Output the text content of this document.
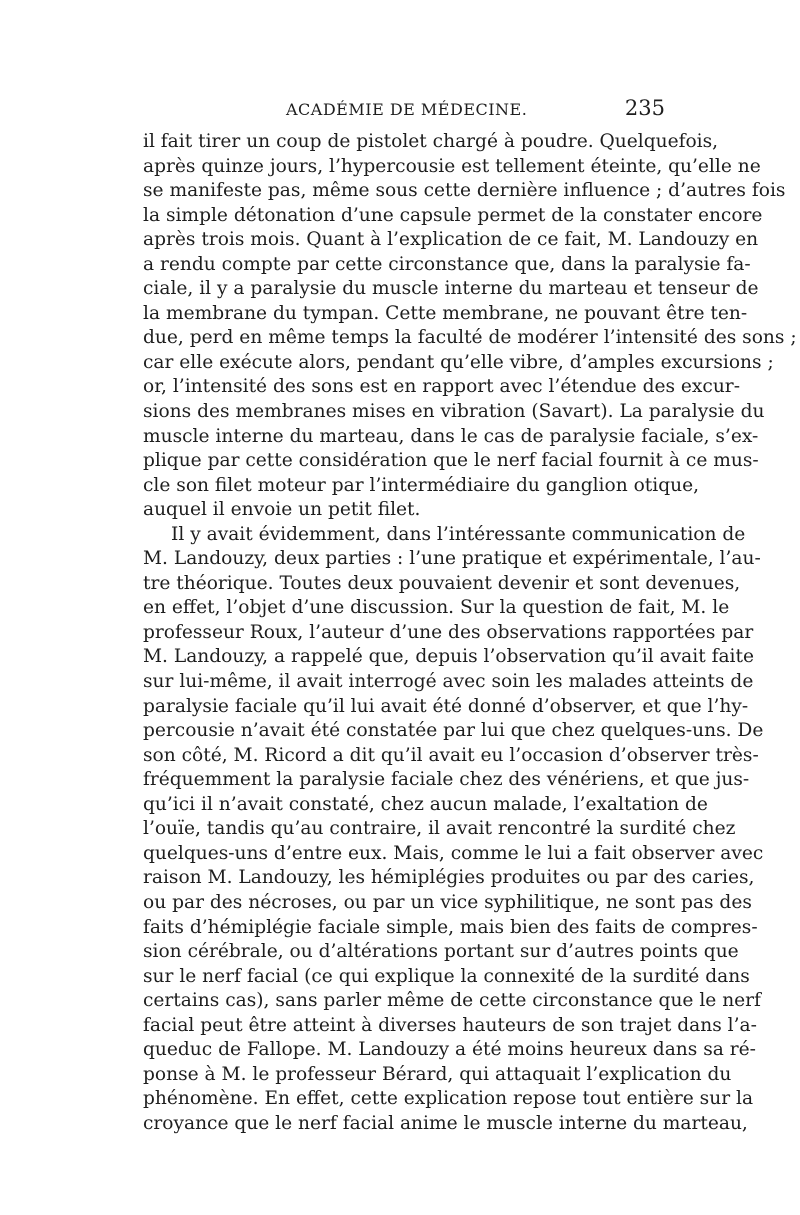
ACADÉMIE DE MÉDECINE.	235
il fait tirer un coup de pistolet chargé à poudre. Quelquefois,
après quinze jours, l’hypercousie est tellement éteinte, qu’elle ne
se manifeste pas, même sous cette dernière influence ; d’autres fois
la simple détonation d’une capsule permet de la constater encore
après trois mois. Quant à l’explication de ce fait, M. Landouzy en
a rendu compte par cette circonstance que, dans la paralysie fa-
ciale, il y a paralysie du muscle interne du marteau et tenseur de
la membrane du tympan. Cette membrane, ne pouvant être ten-
due, perd en même temps la faculté de modérer l’intensité des sons ;
car elle exécute alors, pendant qu’elle vibre, d’amples excursions ;
or, l’intensité des sons est en rapport avec l’étendue des excur-
sions des membranes mises en vibration (Savart). La paralysie du
muscle interne du marteau, dans le cas de paralysie faciale, s’ex-
plique par cette considération que le nerf facial fournit à ce mus-
cle son filet moteur par l’intermédiaire du ganglion otique,
auquel il envoie un petit filet.
Il y avait évidemment, dans l’intéressante communication de
M. Landouzy, deux parties : l’une pratique et expérimentale, l’au-
tre théorique. Toutes deux pouvaient devenir et sont devenues,
en effet, l’objet d’une discussion. Sur la question de fait, M. le
professeur Roux, l’auteur d’une des observations rapportées par
M. Landouzy, a rappelé que, depuis l’observation qu’il avait faite
sur lui-même, il avait interrogé avec soin les malades atteints de
paralysie faciale qu’il lui avait été donné d’observer, et que l’hy-
percousie n’avait été constatée par lui que chez quelques-uns. De
son côté, M. Ricord a dit qu’il avait eu l’occasion d’observer très-
fréquemment la paralysie faciale chez des vénériens, et que jus-
qu’ici il n’avait constaté, chez aucun malade, l’exaltation de
l’ouïe, tandis qu’au contraire, il avait rencontré la surdité chez
quelques-uns d’entre eux. Mais, comme le lui a fait observer avec
raison M. Landouzy, les hémiplégies produites ou par des caries,
ou par des nécroses, ou par un vice syphilitique, ne sont pas des
faits d’hémiplégie faciale simple, mais bien des faits de compres-
sion cérébrale, ou d’altérations portant sur d’autres points que
sur le nerf facial (ce qui explique la connexité de la surdité dans
certains cas), sans parler même de cette circonstance que le nerf
facial peut être atteint à diverses hauteurs de son trajet dans l’a-
queduc de Fallope. M. Landouzy a été moins heureux dans sa ré-
ponse à M. le professeur Bérard, qui attaquait l’explication du
phénomène. En effet, cette explication repose tout entière sur la
croyance que le nerf facial anime le muscle interne du marteau,
